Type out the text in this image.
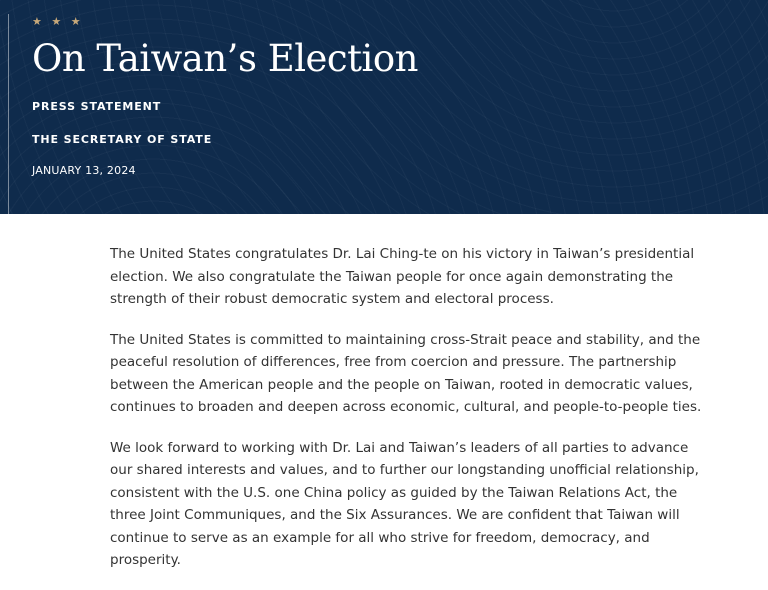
★ ★ ★
On Taiwan’s Election
PRESS STATEMENT
THE SECRETARY OF STATE
JANUARY 13, 2024

The United States congratulates Dr. Lai Ching-te on his victory in Taiwan’s presidential election. We also congratulate the Taiwan people for once again demonstrating the strength of their robust democratic system and electoral process.

The United States is committed to maintaining cross-Strait peace and stability, and the peaceful resolution of differences, free from coercion and pressure. The partnership between the American people and the people on Taiwan, rooted in democratic values, continues to broaden and deepen across economic, cultural, and people-to-people ties.

We look forward to working with Dr. Lai and Taiwan’s leaders of all parties to advance our shared interests and values, and to further our longstanding unofficial relationship, consistent with the U.S. one China policy as guided by the Taiwan Relations Act, the three Joint Communiques, and the Six Assurances. We are confident that Taiwan will continue to serve as an example for all who strive for freedom, democracy, and prosperity.
